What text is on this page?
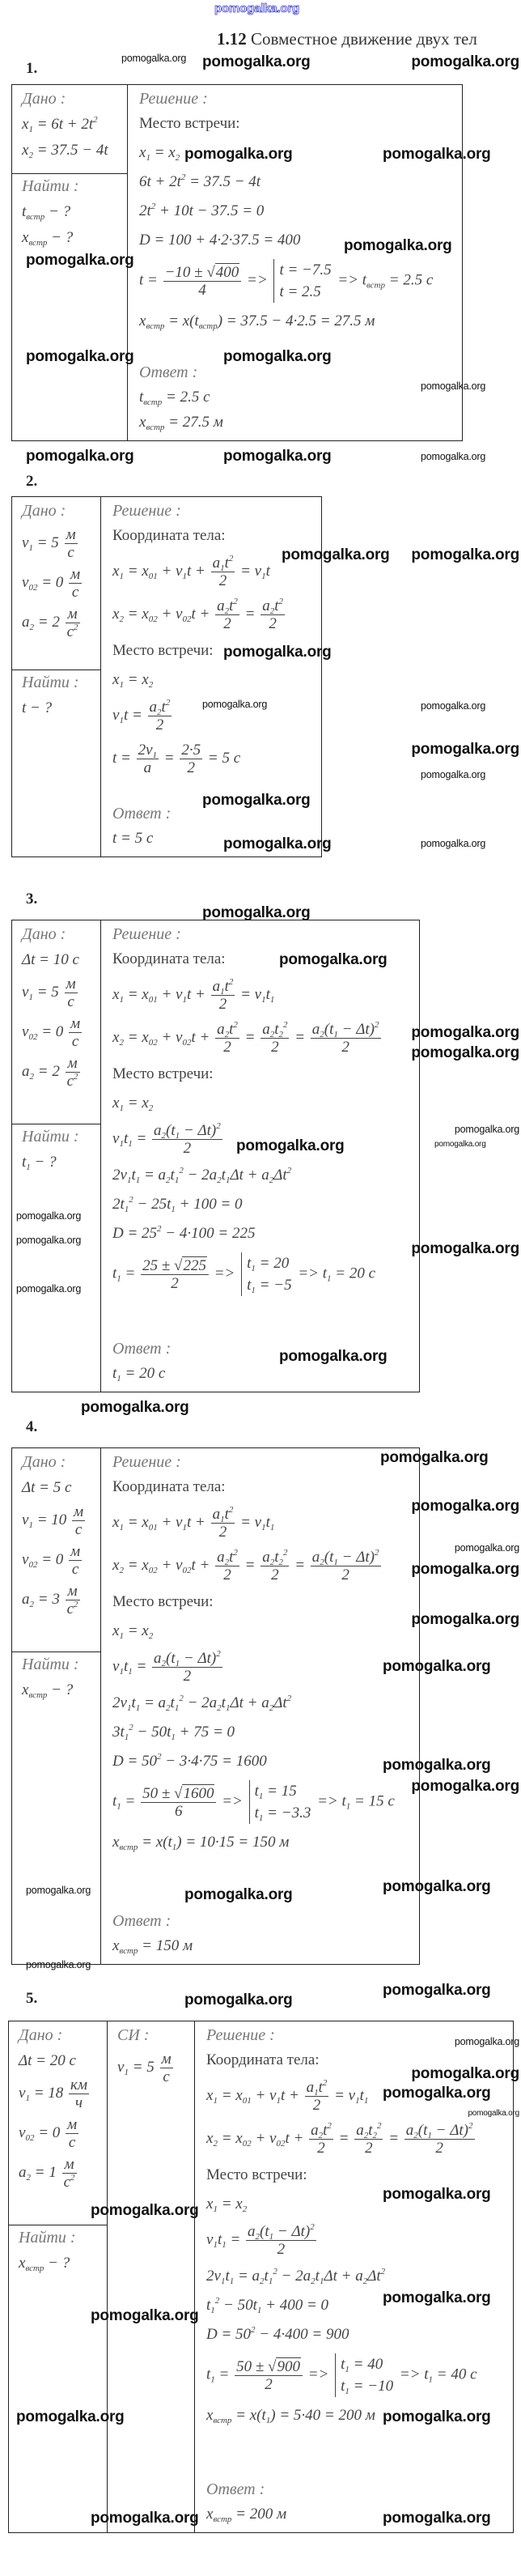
pomogalka.org
1.12 Совместное движение двух тел
1.
Дано :
$x_1 = 6t + 2t^2$
$x_2 = 37.5 - 4t$
Найти :
$t_{встр}$ − ?
$x_{встр}$ − ?
Решение :
Место встречи:
$x_1 = x_2$
$6t + 2t^2 = 37.5 - 4t$
$2t^2 + 10t - 37.5 = 0$
D = 100 + 4·2·37.5 = 400
$t = \frac{-10 \pm √400}{4}$ =>
t = −7.5
t = 2.5
=> $t_{встр} = 2.5$ с
$x_{встр} = x(t_{встр}) = 37.5 - 4\cdot 2.5 = 27.5$ м
Ответ :
$t_{встр} = 2.5$ с
$x_{встр} = 27.5$ м
2.
Дано :
$v_1 = 5 \frac{м}{с}$
$v_{02} = 0 \frac{м}{с}$
$a_2 = 2 \frac{м}{с^2}$
Найти :
t − ?
Решение :
Координата тела:
$x_1 = x_{01} + v_1t + \frac{a_1t^2}{2} = v_1t$
$x_2 = x_{02} + v_{02}t + \frac{a_2t^2}{2} = \frac{a_2t^2}{2}$
Место встречи:
$x_1 = x_2$
$v_1t = \frac{a_2t^2}{2}$
$t = \frac{2v_1}{a} = \frac{2\cdot 5}{2} = 5$ с
Ответ :
t = 5 с
3.
Дано :
Δt = 10 с
$v_1 = 5 \frac{м}{с}$
$v_{02} = 0 \frac{м}{с}$
$a_2 = 2 \frac{м}{с^2}$
Найти :
$t_1$ − ?
Решение :
Координата тела:
$x_1 = x_{01} + v_1t + \frac{a_1t^2}{2} = v_1t_1$
$x_2 = x_{02} + v_{02}t + \frac{a_2t^2}{2} = \frac{a_2t_2^2}{2} = \frac{a_2(t_1 - \Delta t)^2}{2}$
Место встречи:
$x_1 = x_2$
$v_1t_1 = \frac{a_2(t_1 - \Delta t)^2}{2}$
$2v_1t_1 = a_2t_1^2 - 2a_2t_1\Delta t + a_2\Delta t^2$
$2t_1^2 - 25t_1 + 100 = 0$
$D = 25^2 - 4\cdot 100 = 225$
$t_1 = \frac{25 \pm √225}{2}$ =>
$t_1 = 20$
$t_1 = -5$
=> $t_1 = 20$ с
Ответ :
$t_1 = 20$ с
4.
Дано :
Δt = 5 с
$v_1 = 10 \frac{м}{с}$
$v_{02} = 0 \frac{м}{с}$
$a_2 = 3 \frac{м}{с^2}$
Найти :
$x_{встр}$ − ?
Решение :
Координата тела:
$x_1 = x_{01} + v_1t + \frac{a_1t^2}{2} = v_1t_1$
$x_2 = x_{02} + v_{02}t + \frac{a_2t^2}{2} = \frac{a_2t_2^2}{2} = \frac{a_2(t_1 - \Delta t)^2}{2}$
Место встречи:
$x_1 = x_2$
$v_1t_1 = \frac{a_2(t_1 - \Delta t)^2}{2}$
$2v_1t_1 = a_2t_1^2 - 2a_2t_1\Delta t + a_2\Delta t^2$
$3t_1^2 - 50t_1 + 75 = 0$
$D = 50^2 - 3\cdot 4\cdot 75 = 1600$
$t_1 = \frac{50 \pm √1600}{6}$ =>
$t_1 = 15$
$t_1 = -3.3$
=> $t_1 = 15$ с
$x_{встр} = x(t_1) = 10\cdot 15 = 150$ м
Ответ :
$x_{встр} = 150$ м
5.
Дано :
Δt = 20 с
$v_1 = 18 \frac{км}{ч}$
$v_{02} = 0 \frac{м}{с}$
$a_2 = 1 \frac{м}{с^2}$
Найти :
$x_{встр}$ − ?
СИ :
$v_1 = 5 \frac{м}{с}$
Решение :
Координата тела:
$x_1 = x_{01} + v_1t + \frac{a_1t^2}{2} = v_1t_1$
$x_2 = x_{02} + v_{02}t + \frac{a_2t^2}{2} = \frac{a_2t_2^2}{2} = \frac{a_2(t_1 - \Delta t)^2}{2}$
Место встречи:
$x_1 = x_2$
$v_1t_1 = \frac{a_2(t_1 - \Delta t)^2}{2}$
$2v_1t_1 = a_2t_1^2 - 2a_2t_1\Delta t + a_2\Delta t^2$
$t_1^2 - 50t_1 + 400 = 0$
$D = 50^2 - 4\cdot 400 = 900$
$t_1 = \frac{50 \pm √900}{2}$ =>
$t_1 = 40$
$t_1 = -10$
=> $t_1 = 40$ с
$x_{встр} = x(t_1) = 5\cdot 40 = 200$ м
Ответ :
$x_{встр} = 200$ м
pomogalka.org	pomogalka.org
pomogalka.org
pomogalka.org	pomogalka.org
pomogalka.org
pomogalka.org
pomogalka.org	pomogalka.org
pomogalka.org
pomogalka.org	pomogalka.org	pomogalka.org
pomogalka.org
pomogalka.org
pomogalka.org
pomogalka.org	pomogalka.org
pomogalka.org
pomogalka.org
pomogalka.org
pomogalka.org	pomogalka.org
pomogalka.org
pomogalka.org
pomogalka.org
pomogalka.org
pomogalka.org
pomogalka.org	pomogalka.org
pomogalka.org
pomogalka.org
pomogalka.org
pomogalka.org
pomogalka.org
pomogalka.org
pomogalka.org
pomogalka.org
pomogalka.org
pomogalka.org
pomogalka.org
pomogalka.org
pomogalka.org
pomogalka.org
pomogalka.org	pomogalka.org	pomogalka.org
pomogalka.org
pomogalka.org
pomogalka.org
pomogalka.org
pomogalka.org
pomogalka.org
pomogalka.org
pomogalka.org
pomogalka.org
pomogalka.org
pomogalka.org
pomogalka.org	pomogalka.org
pomogalka.org	pomogalka.org
